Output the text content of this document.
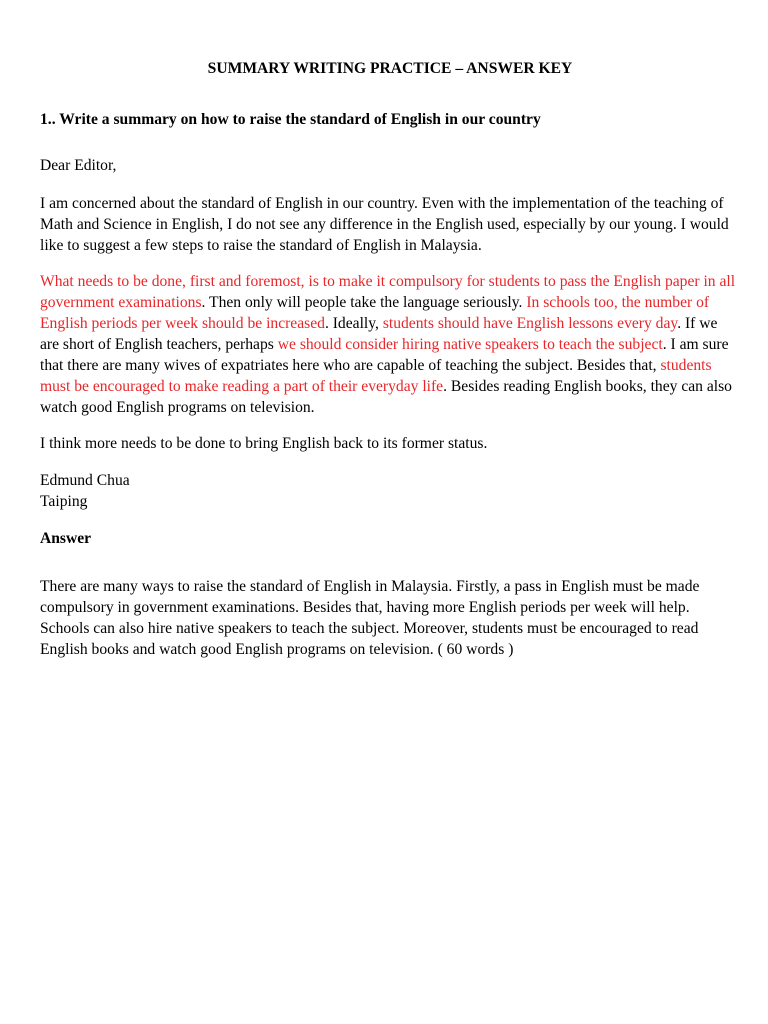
SUMMARY WRITING PRACTICE – ANSWER KEY
1.. Write a summary on how to raise the standard of English in our country
Dear Editor,
I am concerned about the standard of English in our country. Even with the implementation of the teaching of Math and Science in English, I do not see any difference in the English used, especially by our young. I would like to suggest a few steps to raise the standard of English in Malaysia.
What needs to be done, first and foremost, is to make it compulsory for students to pass the English paper in all government examinations. Then only will people take the language seriously. In schools too, the number of English periods per week should be increased. Ideally, students should have English lessons every day. If we are short of English teachers, perhaps we should consider hiring native speakers to teach the subject. I am sure that there are many wives of expatriates here who are capable of teaching the subject. Besides that, students must be encouraged to make reading a part of their everyday life. Besides reading English books, they can also watch good English programs on television.
I think more needs to be done to bring English back to its former status.
Edmund Chua
Taiping
Answer
There are many ways to raise the standard of English in Malaysia. Firstly, a pass in English must be made compulsory in government examinations. Besides that, having more English periods per week will help. Schools can also hire native speakers to teach the subject. Moreover, students must be encouraged to read English books and watch good English programs on television. ( 60 words )
